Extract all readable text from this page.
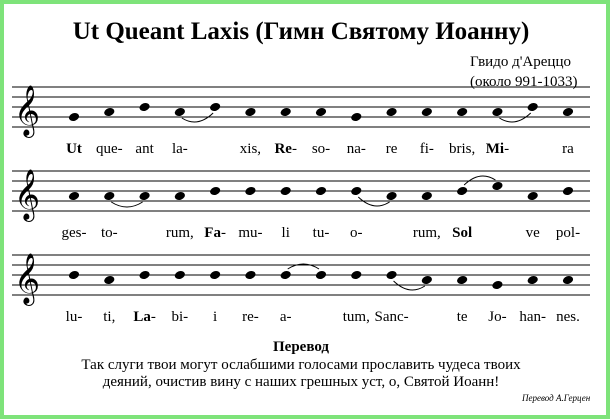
Ut Queant Laxis (Гимн Святому Иоанну)
Гвидо д'Ареццо
(около 991-1033)
𝄞
Ut que- ant la-	xis, Re- so- na- re fi- bris, Mi-	ra
𝄞
ges- to-	rum, Fa- mu- li tu- o-	rum, Sol	ve pol-
𝄞
lu- ti, La- bi- i re- a-	tum, Sanc-	te Jo- han- nes.
Перевод
Так слуги твои могут ослабшими голосами прославить чудеса твоих
деяний, очистив вину с наших грешных уст, о, Святой Иоанн!
Перевод А.Герцен
